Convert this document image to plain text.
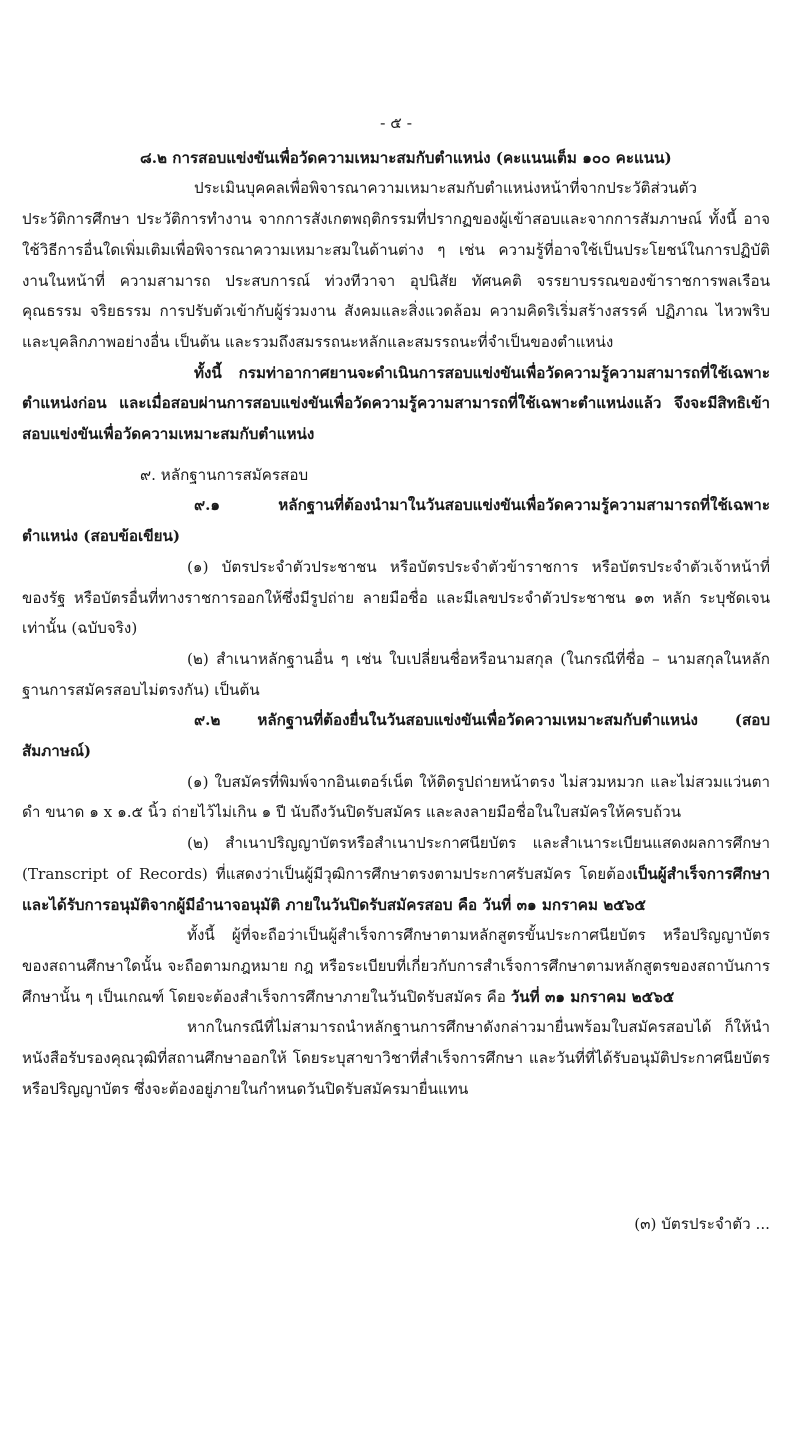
- ๕ -

๘.๒ การสอบแข่งขันเพื่อวัดความเหมาะสมกับตำแหน่ง (คะแนนเต็ม ๑๐๐ คะแนน)

ประเมินบุคคลเพื่อพิจารณาความเหมาะสมกับตำแหน่งหน้าที่จากประวัติส่วนตัว ประวัติการศึกษา ประวัติการทำงาน จากการสังเกตพฤติกรรมที่ปรากฏของผู้เข้าสอบและจากการสัมภาษณ์ ทั้งนี้ อาจใช้วิธีการอื่นใดเพิ่มเติมเพื่อพิจารณาความเหมาะสมในด้านต่าง ๆ เช่น ความรู้ที่อาจใช้เป็นประโยชน์ในการปฏิบัติงานในหน้าที่ ความสามารถ ประสบการณ์ ท่วงทีวาจา อุปนิสัย ทัศนคติ จรรยาบรรณของข้าราชการพลเรือน คุณธรรม จริยธรรม การปรับตัวเข้ากับผู้ร่วมงาน สังคมและสิ่งแวดล้อม ความคิดริเริ่มสร้างสรรค์ ปฏิภาณ ไหวพริบ และบุคลิกภาพอย่างอื่น เป็นต้น และรวมถึงสมรรถนะหลักและสมรรถนะที่จำเป็นของตำแหน่ง

ทั้งนี้ กรมท่าอากาศยานจะดำเนินการสอบแข่งขันเพื่อวัดความรู้ความสามารถที่ใช้เฉพาะตำแหน่งก่อน และเมื่อสอบผ่านการสอบแข่งขันเพื่อวัดความรู้ความสามารถที่ใช้เฉพาะตำแหน่งแล้ว จึงจะมีสิทธิเข้าสอบแข่งขันเพื่อวัดความเหมาะสมกับตำแหน่ง

๙. หลักฐานการสมัครสอบ

๙.๑ หลักฐานที่ต้องนำมาในวันสอบแข่งขันเพื่อวัดความรู้ความสามารถที่ใช้เฉพาะตำแหน่ง (สอบข้อเขียน)

(๑) บัตรประจำตัวประชาชน หรือบัตรประจำตัวข้าราชการ หรือบัตรประจำตัวเจ้าหน้าที่ของรัฐ หรือบัตรอื่นที่ทางราชการออกให้ซึ่งมีรูปถ่าย ลายมือชื่อ และมีเลขประจำตัวประชาชน ๑๓ หลัก ระบุชัดเจนเท่านั้น (ฉบับจริง)

(๒) สำเนาหลักฐานอื่น ๆ เช่น ใบเปลี่ยนชื่อหรือนามสกุล (ในกรณีที่ชื่อ – นามสกุลในหลักฐานการสมัครสอบไม่ตรงกัน) เป็นต้น

๙.๒ หลักฐานที่ต้องยื่นในวันสอบแข่งขันเพื่อวัดความเหมาะสมกับตำแหน่ง (สอบสัมภาษณ์)

(๑) ใบสมัครที่พิมพ์จากอินเตอร์เน็ต ให้ติดรูปถ่ายหน้าตรง ไม่สวมหมวก และไม่สวมแว่นตาดำ ขนาด ๑ x ๑.๕ นิ้ว ถ่ายไว้ไม่เกิน ๑ ปี นับถึงวันปิดรับสมัคร และลงลายมือชื่อในใบสมัครให้ครบถ้วน

(๒) สำเนาปริญญาบัตรหรือสำเนาประกาศนียบัตร และสำเนาระเบียนแสดงผลการศึกษา (Transcript of Records) ที่แสดงว่าเป็นผู้มีวุฒิการศึกษาตรงตามประกาศรับสมัคร โดยต้องเป็นผู้สำเร็จการศึกษา และได้รับการอนุมัติจากผู้มีอำนาจอนุมัติ ภายในวันปิดรับสมัครสอบ คือ วันที่ ๓๑ มกราคม ๒๕๖๕

ทั้งนี้ ผู้ที่จะถือว่าเป็นผู้สำเร็จการศึกษาตามหลักสูตรขั้นประกาศนียบัตร หรือปริญญาบัตรของสถานศึกษาใดนั้น จะถือตามกฎหมาย กฎ หรือระเบียบที่เกี่ยวกับการสำเร็จการศึกษาตามหลักสูตรของสถาบันการศึกษานั้น ๆ เป็นเกณฑ์ โดยจะต้องสำเร็จการศึกษาภายในวันปิดรับสมัคร คือ วันที่ ๓๑ มกราคม ๒๕๖๕

หากในกรณีที่ไม่สามารถนำหลักฐานการศึกษาดังกล่าวมายื่นพร้อมใบสมัครสอบได้ ก็ให้นำหนังสือรับรองคุณวุฒิที่สถานศึกษาออกให้ โดยระบุสาขาวิชาที่สำเร็จการศึกษา และวันที่ที่ได้รับอนุมัติประกาศนียบัตรหรือปริญญาบัตร ซึ่งจะต้องอยู่ภายในกำหนดวันปิดรับสมัครมายื่นแทน

(๓) บัตรประจำตัว ...
